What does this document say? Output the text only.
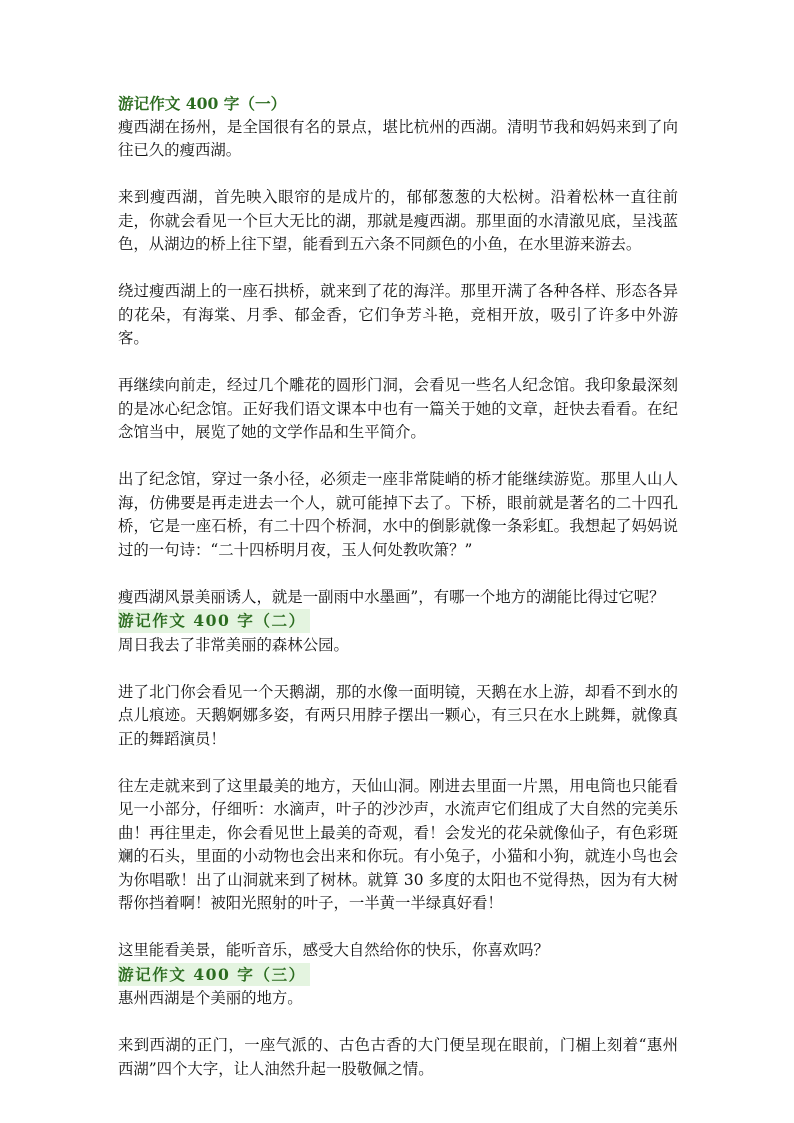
游记作文 400 字（一）

瘦西湖在扬州，是全国很有名的景点，堪比杭州的西湖。清明节我和妈妈来到了向往已久的瘦西湖。

来到瘦西湖，首先映入眼帘的是成片的，郁郁葱葱的大松树。沿着松林一直往前走，你就会看见一个巨大无比的湖，那就是瘦西湖。那里面的水清澈见底，呈浅蓝色，从湖边的桥上往下望，能看到五六条不同颜色的小鱼，在水里游来游去。

绕过瘦西湖上的一座石拱桥，就来到了花的海洋。那里开满了各种各样、形态各异的花朵，有海棠、月季、郁金香，它们争芳斗艳，竞相开放，吸引了许多中外游客。

再继续向前走，经过几个雕花的圆形门洞，会看见一些名人纪念馆。我印象最深刻的是冰心纪念馆。正好我们语文课本中也有一篇关于她的文章，赶快去看看。在纪念馆当中，展览了她的文学作品和生平简介。

出了纪念馆，穿过一条小径，必须走一座非常陡峭的桥才能继续游览。那里人山人海，仿佛要是再走进去一个人，就可能掉下去了。下桥，眼前就是著名的二十四孔桥，它是一座石桥，有二十四个桥洞，水中的倒影就像一条彩虹。我想起了妈妈说过的一句诗：“二十四桥明月夜，玉人何处教吹箫？”

瘦西湖风景美丽诱人，就是一副雨中水墨画”，有哪一个地方的湖能比得过它呢？

游记作文 400 字（二）

周日我去了非常美丽的森林公园。

进了北门你会看见一个天鹅湖，那的水像一面明镜，天鹅在水上游，却看不到水的点儿痕迹。天鹅婀娜多姿，有两只用脖子摆出一颗心，有三只在水上跳舞，就像真正的舞蹈演员！

往左走就来到了这里最美的地方，天仙山洞。刚进去里面一片黑，用电筒也只能看见一小部分，仔细听：水滴声，叶子的沙沙声，水流声它们组成了大自然的完美乐曲！再往里走，你会看见世上最美的奇观，看！会发光的花朵就像仙子，有色彩斑斓的石头，里面的小动物也会出来和你玩。有小兔子，小猫和小狗，就连小鸟也会为你唱歌！出了山洞就来到了树林。就算 30 多度的太阳也不觉得热，因为有大树帮你挡着啊！被阳光照射的叶子，一半黄一半绿真好看！

这里能看美景，能听音乐，感受大自然给你的快乐，你喜欢吗？

游记作文 400 字（三）

惠州西湖是个美丽的地方。

来到西湖的正门，一座气派的、古色古香的大门便呈现在眼前，门楣上刻着“惠州西湖”四个大字，让人油然升起一股敬佩之情。
